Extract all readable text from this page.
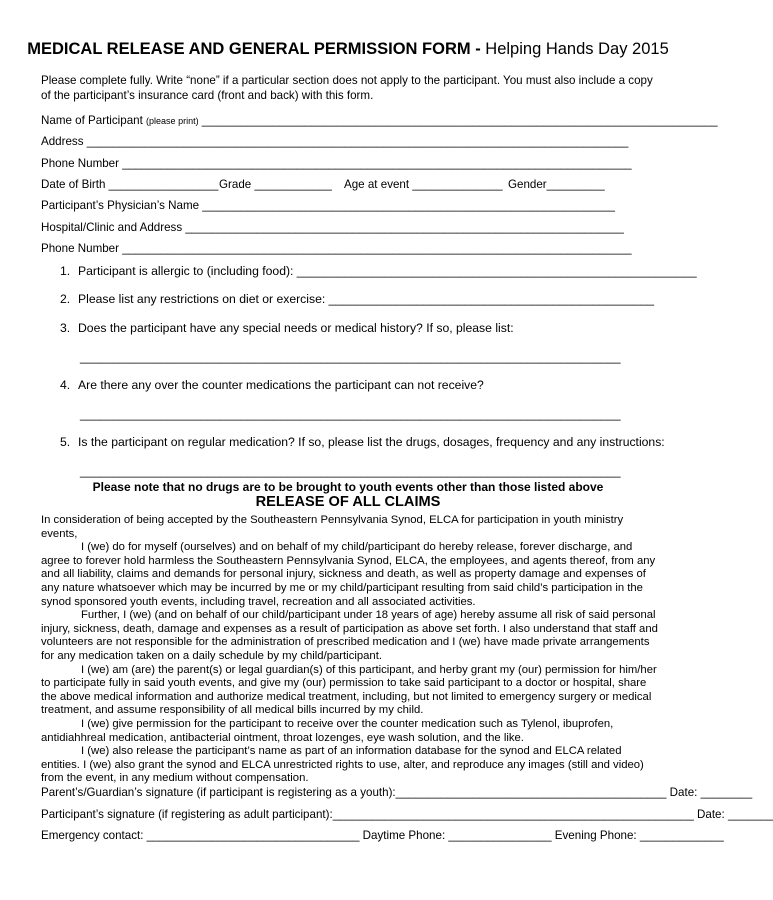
MEDICAL RELEASE AND GENERAL PERMISSION FORM - Helping Hands Day 2015
Please complete fully. Write “none” if a particular section does not apply to the participant. You must also include a copy of the participant’s insurance card (front and back) with this form.
Name of Participant (please print) ________________________________________________________________________________
Address ____________________________________________________________________________________
Phone Number _______________________________________________________________________________
Date of Birth _________________ Grade ____________ Age at event ______________ Gender_________
Participant’s Physician’s Name ________________________________________________________________
Hospital/Clinic and Address ____________________________________________________________________
Phone Number _______________________________________________________________________________
1. Participant is allergic to (including food): ___________________________________________________________
2. Please list any restrictions on diet or exercise: ________________________________________________
3. Does the participant have any special needs or medical history? If so, please list:
_________________________________________________________________________________
4. Are there any over the counter medications the participant can not receive?
_________________________________________________________________________________
5. Is the participant on regular medication? If so, please list the drugs, dosages, frequency and any instructions:
_________________________________________________________________________________
Please note that no drugs are to be brought to youth events other than those listed above
RELEASE OF ALL CLAIMS

In consideration of being accepted by the Southeastern Pennsylvania Synod, ELCA for participation in youth ministry events,

I (we) do for myself (ourselves) and on behalf of my child/participant do hereby release, forever discharge, and agree to forever hold harmless the Southeastern Pennsylvania Synod, ELCA, the employees, and agents thereof, from any and all liability, claims and demands for personal injury, sickness and death, as well as property damage and expenses of any nature whatsoever which may be incurred by me or my child/participant resulting from said child’s participation in the synod sponsored youth events, including travel, recreation and all associated activities.

Further, I (we) (and on behalf of our child/participant under 18 years of age) hereby assume all risk of said personal injury, sickness, death, damage and expenses as a result of participation as above set forth. I also understand that staff and volunteers are not responsible for the administration of prescribed medication and I (we) have made private arrangements for any medication taken on a daily schedule by my child/participant.

I (we) am (are) the parent(s) or legal guardian(s) of this participant, and herby grant my (our) permission for him/her to participate fully in said youth events, and give my (our) permission to take said participant to a doctor or hospital, share the above medical information and authorize medical treatment, including, but not limited to emergency surgery or medical treatment, and assume responsibility of all medical bills incurred by my child.

I (we) give permission for the participant to receive over the counter medication such as Tylenol, ibuprofen, antidiahhreal medication, antibacterial ointment, throat lozenges, eye wash solution, and the like.

I (we) also release the participant’s name as part of an information database for the synod and ELCA related entities. I (we) also grant the synod and ELCA unrestricted rights to use, alter, and reproduce any images (still and video) from the event, in any medium without compensation.

Parent’s/Guardian’s signature (if participant is registering as a youth):__________________________________________ Date: ________
Participant’s signature (if registering as adult participant):________________________________________________________ Date: _______
Emergency contact: _________________________________ Daytime Phone: ________________ Evening Phone: _____________
